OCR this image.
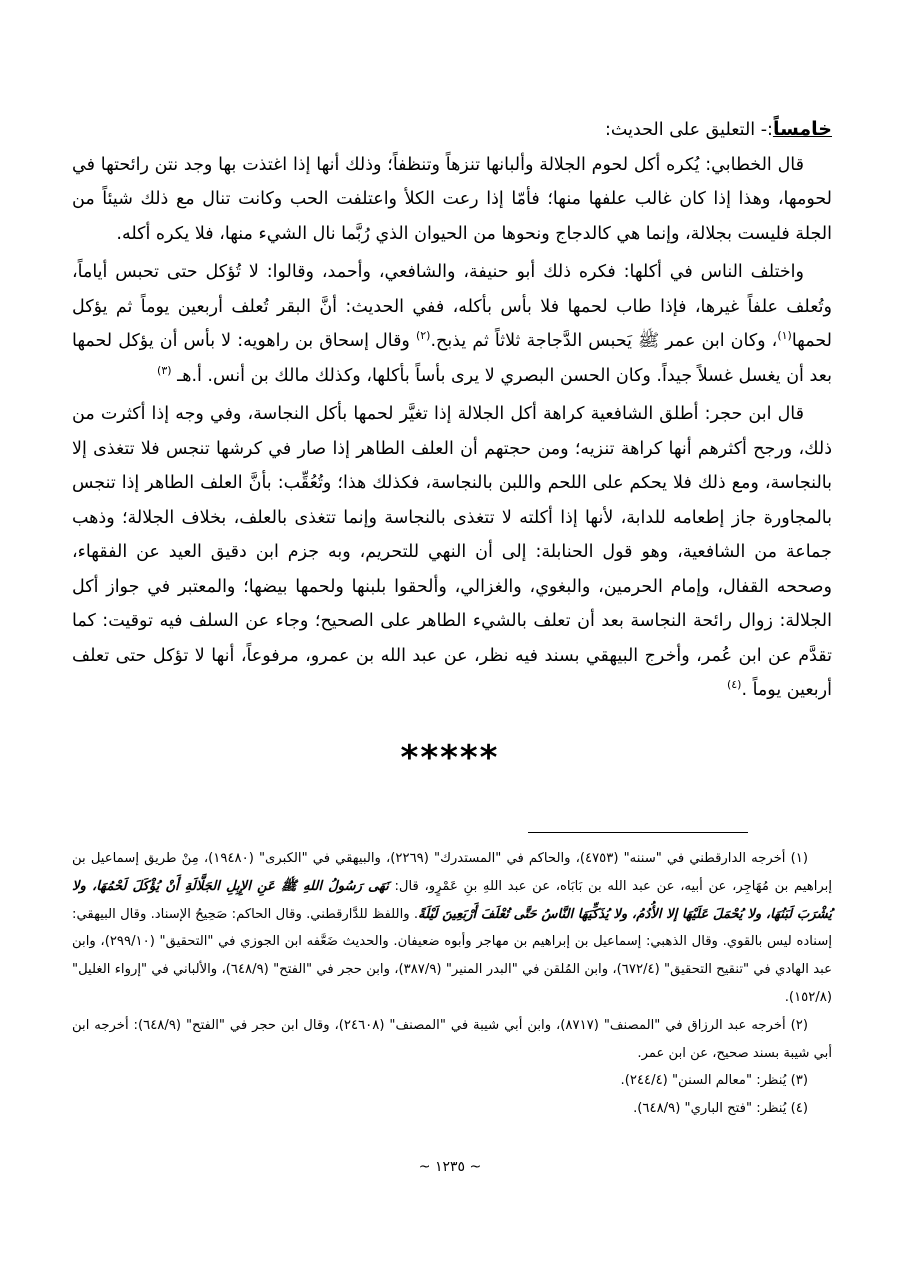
خامساً:- التعليق على الحديث:

قال الخطابي: يُكره أكل لحوم الجلالة وألبانها تنزهاً وتنظفاً؛ وذلك أنها إذا اغتذت بها وجد نتن رائحتها في لحومها، وهذا إذا كان غالب علفها منها؛ فأمّا إذا رعت الكلأ واعتلفت الحب وكانت تنال مع ذلك شيئاً من الجلة فليست بجلالة، وإنما هي كالدجاج ونحوها من الحيوان الذي رُبَّما نال الشيء منها، فلا يكره أكله.

واختلف الناس في أكلها: فكره ذلك أبو حنيفة، والشافعي، وأحمد، وقالوا: لا تُؤكل حتى تحبس أياماً، وتُعلف علفاً غيرها، فإذا طاب لحمها فلا بأس بأكله، ففي الحديث: أنَّ البقر تُعلف أربعين يوماً ثم يؤكل لحمها$^{(١)}$، وكان ابن عمر ﷺ يَحبس الدَّجاجة ثلاثاً ثم يذبح.$^{(٢)}$ وقال إسحاق بن راهويه: لا بأس أن يؤكل لحمها بعد أن يغسل غسلاً جيداً. وكان الحسن البصري لا يرى بأساً بأكلها، وكذلك مالك بن أنس. أ.هـ $^{(٣)}$

قال ابن حجر: أطلق الشافعية كراهة أكل الجلالة إذا تغيَّر لحمها بأكل النجاسة، وفي وجه إذا أكثرت من ذلك، ورجح أكثرهم أنها كراهة تنزيه؛ ومن حجتهم أن العلف الطاهر إذا صار في كرشها تنجس فلا تتغذى إلا بالنجاسة، ومع ذلك فلا يحكم على اللحم واللبن بالنجاسة، فكذلك هذا؛ وتُعُقِّب: بأنَّ العلف الطاهر إذا تنجس بالمجاورة جاز إطعامه للدابة، لأنها إذا أكلته لا تتغذى بالنجاسة وإنما تتغذى بالعلف، بخلاف الجلالة؛ وذهب جماعة من الشافعية، وهو قول الحنابلة: إلى أن النهي للتحريم، وبه جزم ابن دقيق العيد عن الفقهاء، وصححه القفال، وإمام الحرمين، والبغوي، والغزالي، وألحقوا بلبنها ولحمها بيضها؛ والمعتبر في جواز أكل الجلالة: زوال رائحة النجاسة بعد أن تعلف بالشيء الطاهر على الصحيح؛ وجاء عن السلف فيه توقيت: كما تقدَّم عن ابن عُمر، وأخرج البيهقي بسند فيه نظر، عن عبد الله بن عمرو، مرفوعاً، أنها لا تؤكل حتى تعلف أربعين يوماً .$^{(٤)}$

*****

(١) أخرجه الدارقطني في "سننه" (٤٧٥٣)، والحاكم في "المستدرك" (٢٢٦٩)، والبيهقي في "الكبرى" (١٩٤٨٠)، مِنْ طريق إسماعيل بن إبراهيم بن مُهَاجِر، عن أبيه، عن عبد الله بن بَابَاه، عن عبد اللهِ بنِ عَمْرٍو، قال: نَهَى رَسُولُ اللهِ ﷺ عَنِ الإِبِلِ الجَلَّالَةِ أَنْ يُؤْكَلَ لَحْمُهَا، ولا يُشْرَبَ لَبَنُهَا، ولا يُحْمَلَ عَلَيْهَا إلا الأُدُمُ، ولا يُذَكِّيَهَا النَّاسُ حَتَّى تُعْلَفَ أَرْبَعِينَ لَيْلَةً. واللفظ للدَّارقطني. وقال الحاكم: صَحِيحُ الإسناد. وقال البيهقي: إسناده ليس بالقوي. وقال الذهبي: إسماعيل بن إبراهيم بن مهاجر وأبوه ضعيفان. والحديث ضَعَّفه ابن الجوزي في "التحقيق" (٢٩٩/١٠)، وابن عبد الهادي في "تنقيح التحقيق" (٦٧٢/٤)، وابن المُلقن في "البدر المنير" (٣٨٧/٩)، وابن حجر في "الفتح" (٦٤٨/٩)، والألباني في "إرواء الغليل" (١٥٢/٨).

(٢) أخرجه عبد الرزاق في "المصنف" (٨٧١٧)، وابن أبي شيبة في "المصنف" (٢٤٦٠٨)، وقال ابن حجر في "الفتح" (٦٤٨/٩): أخرجه ابن أبي شيبة بسند صحيح، عن ابن عمر.

(٣) يُنظر: "معالم السنن" (٢٤٤/٤).

(٤) يُنظر: "فتح الباري" (٦٤٨/٩).

~ ١٢٣٥ ~
